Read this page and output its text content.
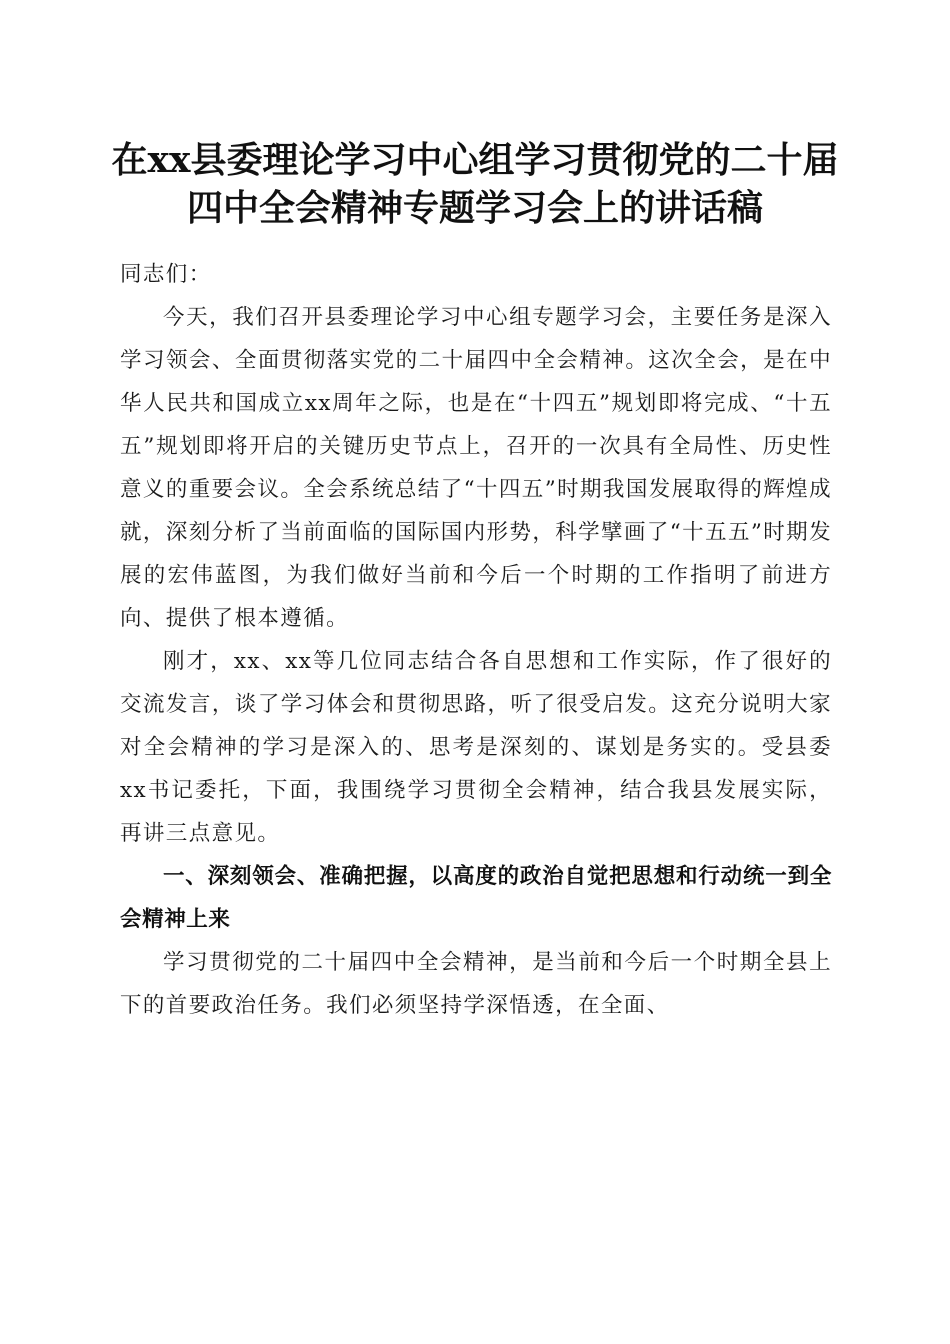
在xx县委理论学习中心组学习贯彻党的二十届四中全会精神专题学习会上的讲话稿

同志们：

今天，我们召开县委理论学习中心组专题学习会，主要任务是深入学习领会、全面贯彻落实党的二十届四中全会精神。这次全会，是在中华人民共和国成立xx周年之际，也是在“十四五”规划即将完成、“十五五”规划即将开启的关键历史节点上，召开的一次具有全局性、历史性意义的重要会议。全会系统总结了“十四五”时期我国发展取得的辉煌成就，深刻分析了当前面临的国际国内形势，科学擘画了“十五五”时期发展的宏伟蓝图，为我们做好当前和今后一个时期的工作指明了前进方向、提供了根本遵循。

刚才，xx、xx等几位同志结合各自思想和工作实际，作了很好的交流发言，谈了学习体会和贯彻思路，听了很受启发。这充分说明大家对全会精神的学习是深入的、思考是深刻的、谋划是务实的。受县委xx书记委托，下面，我围绕学习贯彻全会精神，结合我县发展实际，再讲三点意见。

一、深刻领会、准确把握，以高度的政治自觉把思想和行动统一到全会精神上来

学习贯彻党的二十届四中全会精神，是当前和今后一个时期全县上下的首要政治任务。我们必须坚持学深悟透，在全面、
